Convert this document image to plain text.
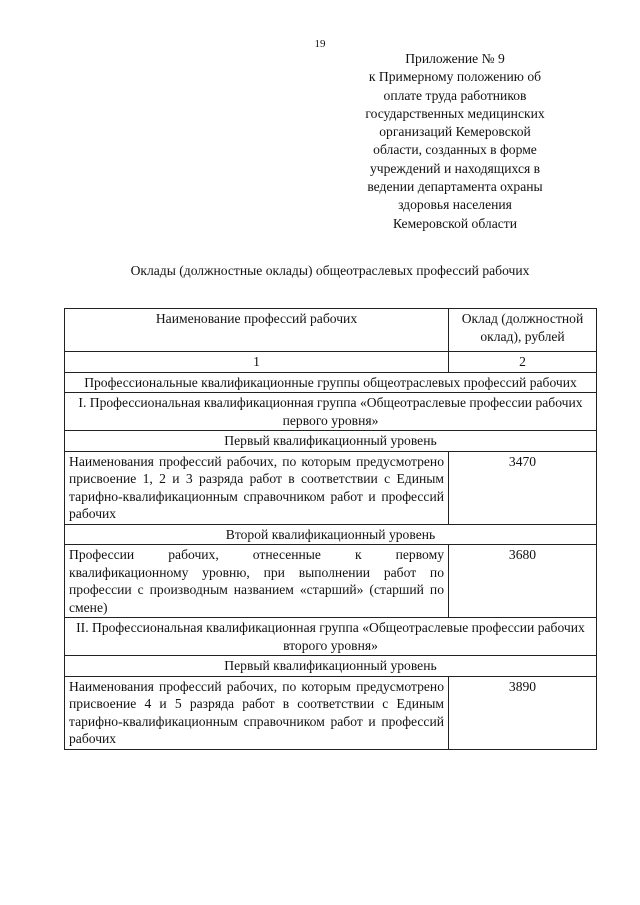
19
Приложение № 9
к Примерному положению об
оплате труда работников
государственных медицинских
организаций Кемеровской
области, созданных в форме
учреждений и находящихся в
ведении департамента охраны
здоровья населения
Кемеровской области
Оклады (должностные оклады) общеотраслевых профессий рабочих
Наименование профессий рабочих	Оклад (должностной оклад), рублей
1	2
Профессиональные квалификационные группы общеотраслевых профессий рабочих	
I. Профессиональная квалификационная группа «Общеотраслевые профессии рабочих первого уровня»	
Первый квалификационный уровень	
Наименования профессий рабочих, по которым предусмотрено присвоение 1, 2 и 3 разряда работ в соответствии с Единым тарифно-квалификационным справочником работ и профессий рабочих	3470
Второй квалификационный уровень	
Профессии рабочих, отнесенные к первому квалификационному уровню, при выполнении работ по профессии с производным названием «старший» (старший по смене)	3680
II. Профессиональная квалификационная группа «Общеотраслевые профессии рабочих второго уровня»	
Первый квалификационный уровень	
Наименования профессий рабочих, по которым предусмотрено присвоение 4 и 5 разряда работ в соответствии с Единым тарифно-квалификационным справочником работ и профессий рабочих	3890
